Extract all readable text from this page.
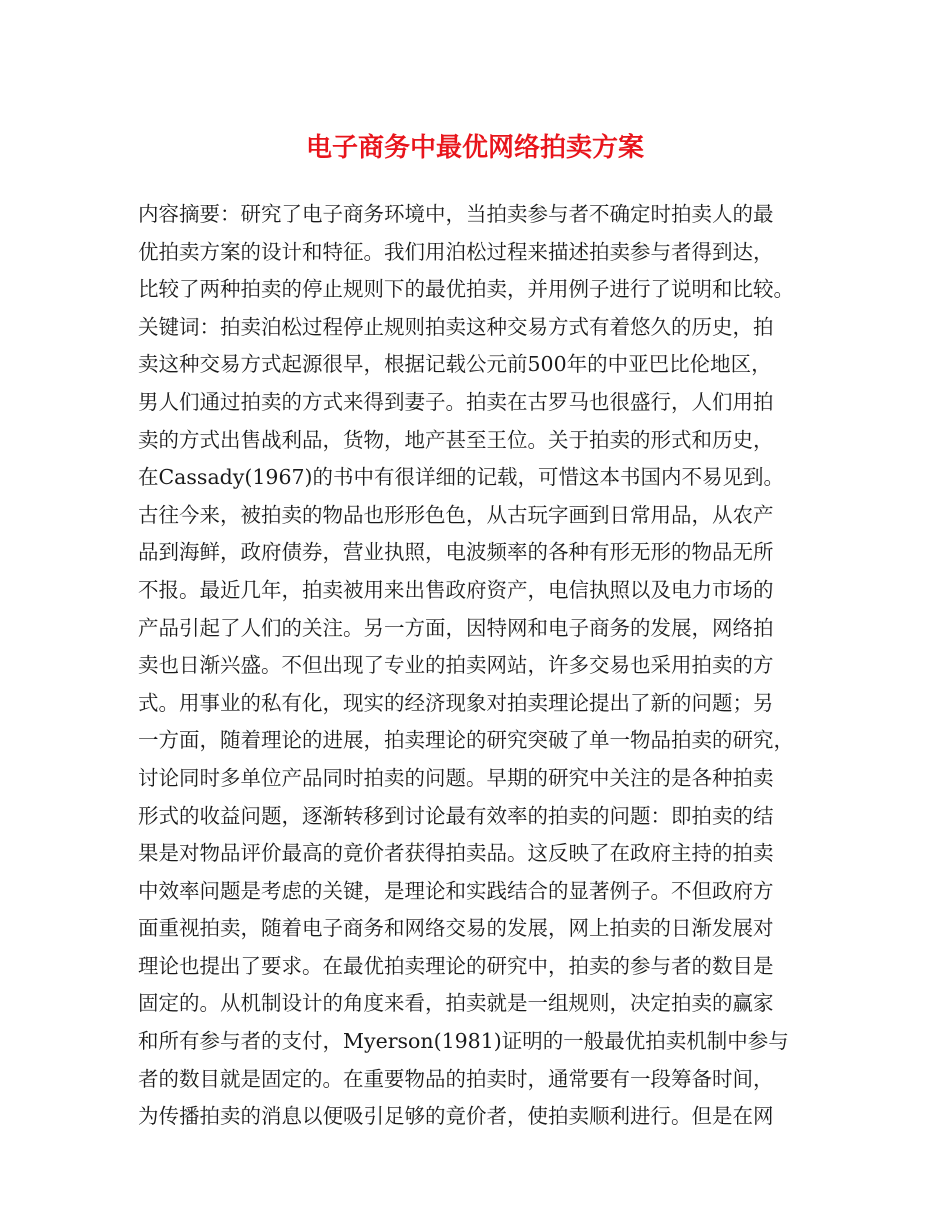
电子商务中最优网络拍卖方案
内容摘要：研究了电子商务环境中，当拍卖参与者不确定时拍卖人的最
优拍卖方案的设计和特征。我们用泊松过程来描述拍卖参与者得到达，
比较了两种拍卖的停止规则下的最优拍卖，并用例子进行了说明和比较。
关键词：拍卖泊松过程停止规则拍卖这种交易方式有着悠久的历史，拍
卖这种交易方式起源很早，根据记载公元前500年的中亚巴比伦地区，
男人们通过拍卖的方式来得到妻子。拍卖在古罗马也很盛行，人们用拍
卖的方式出售战利品，货物，地产甚至王位。关于拍卖的形式和历史，
在Cassady(1967)的书中有很详细的记载，可惜这本书国内不易见到。
古往今来，被拍卖的物品也形形色色，从古玩字画到日常用品，从农产
品到海鲜，政府债券，营业执照，电波频率的各种有形无形的物品无所
不报。最近几年，拍卖被用来出售政府资产，电信执照以及电力市场的
产品引起了人们的关注。另一方面，因特网和电子商务的发展，网络拍
卖也日渐兴盛。不但出现了专业的拍卖网站，许多交易也采用拍卖的方
式。用事业的私有化，现实的经济现象对拍卖理论提出了新的问题；另
一方面，随着理论的进展，拍卖理论的研究突破了单一物品拍卖的研究，
讨论同时多单位产品同时拍卖的问题。早期的研究中关注的是各种拍卖
形式的收益问题，逐渐转移到讨论最有效率的拍卖的问题：即拍卖的结
果是对物品评价最高的竟价者获得拍卖品。这反映了在政府主持的拍卖
中效率问题是考虑的关键，是理论和实践结合的显著例子。不但政府方
面重视拍卖，随着电子商务和网络交易的发展，网上拍卖的日渐发展对
理论也提出了要求。在最优拍卖理论的研究中，拍卖的参与者的数目是
固定的。从机制设计的角度来看，拍卖就是一组规则，决定拍卖的赢家
和所有参与者的支付，Myerson(1981)证明的一般最优拍卖机制中参与
者的数目就是固定的。在重要物品的拍卖时，通常要有一段筹备时间，
为传播拍卖的消息以便吸引足够的竟价者，使拍卖顺利进行。但是在网
